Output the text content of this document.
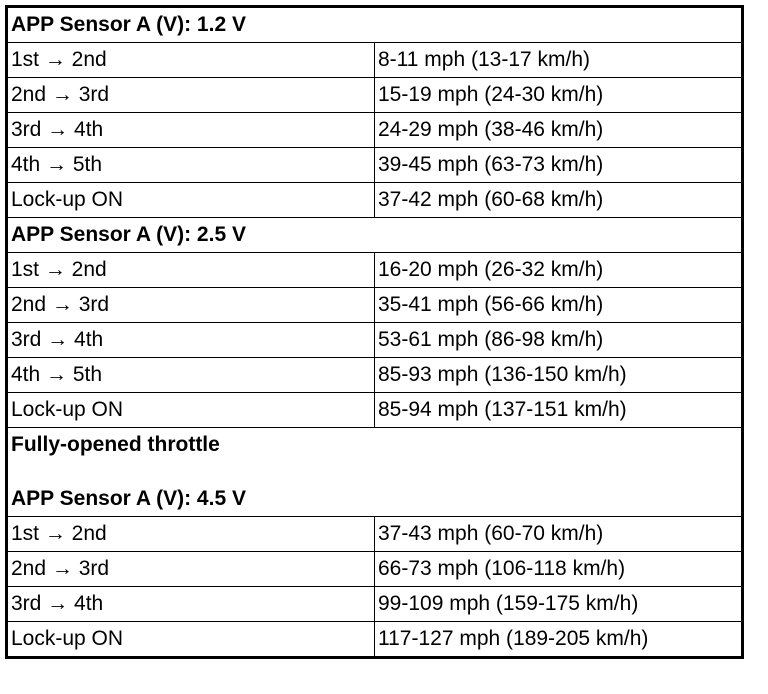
APP Sensor A (V): 1.2 V	
1st → 2nd	8-11 mph (13-17 km/h)
2nd → 3rd	15-19 mph (24-30 km/h)
3rd → 4th	24-29 mph (38-46 km/h)
4th → 5th	39-45 mph (63-73 km/h)
Lock-up ON	37-42 mph (60-68 km/h)
APP Sensor A (V): 2.5 V	
1st → 2nd	16-20 mph (26-32 km/h)
2nd → 3rd	35-41 mph (56-66 km/h)
3rd → 4th	53-61 mph (86-98 km/h)
4th → 5th	85-93 mph (136-150 km/h)
Lock-up ON	85-94 mph (137-151 km/h)

Fully-opened throttle
APP Sensor A (V): 4.5 V	

1st → 2nd	37-43 mph (60-70 km/h)
2nd → 3rd	66-73 mph (106-118 km/h)
3rd → 4th	99-109 mph (159-175 km/h)
Lock-up ON	117-127 mph (189-205 km/h)
